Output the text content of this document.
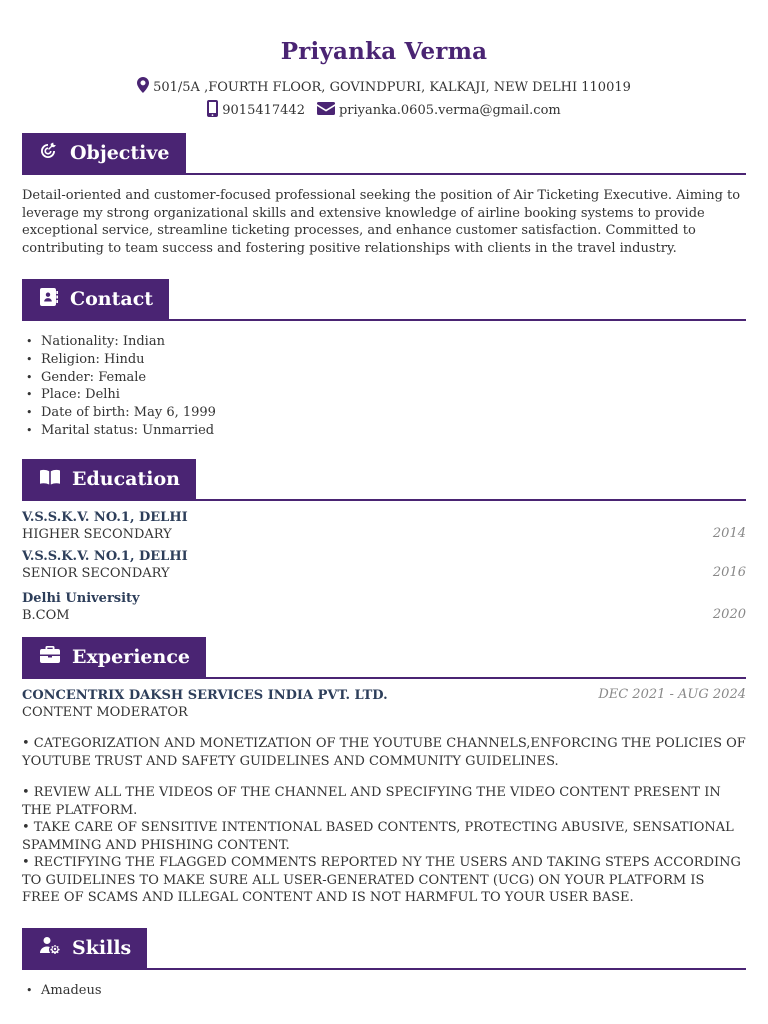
Priyanka Verma
501/5A ,FOURTH FLOOR, GOVINDPURI, KALKAJI, NEW DELHI 110019
9015417442	priyanka.0605.verma@gmail.com
Objective
Detail-oriented and customer-focused professional seeking the position of Air Ticketing Executive. Aiming to leverage my strong organizational skills and extensive knowledge of airline booking systems to provide exceptional service, streamline ticketing processes, and enhance customer satisfaction. Committed to contributing to team success and fostering positive relationships with clients in the travel industry.
Contact
• Nationality: Indian
• Religion: Hindu
• Gender: Female
• Place: Delhi
• Date of birth: May 6, 1999
• Marital status: Unmarried
Education
V.S.S.K.V. NO.1, DELHI
HIGHER SECONDARY	2014
V.S.S.K.V. NO.1, DELHI
SENIOR SECONDARY	2016
Delhi University
B.COM	2020
Experience
CONCENTRIX DAKSH SERVICES INDIA PVT. LTD.	DEC 2021 - AUG 2024
CONTENT MODERATOR
• CATEGORIZATION AND MONETIZATION OF THE YOUTUBE CHANNELS,ENFORCING THE POLICIES OF YOUTUBE TRUST AND SAFETY GUIDELINES AND COMMUNITY GUIDELINES.
• REVIEW ALL THE VIDEOS OF THE CHANNEL AND SPECIFYING THE VIDEO CONTENT PRESENT IN THE PLATFORM.
• TAKE CARE OF SENSITIVE INTENTIONAL BASED CONTENTS, PROTECTING ABUSIVE, SENSATIONAL SPAMMING AND PHISHING CONTENT.
• RECTIFYING THE FLAGGED COMMENTS REPORTED NY THE USERS AND TAKING STEPS ACCORDING TO GUIDELINES TO MAKE SURE ALL USER-GENERATED CONTENT (UCG) ON YOUR PLATFORM IS FREE OF SCAMS AND ILLEGAL CONTENT AND IS NOT HARMFUL TO YOUR USER BASE.
Skills
• Amadeus
